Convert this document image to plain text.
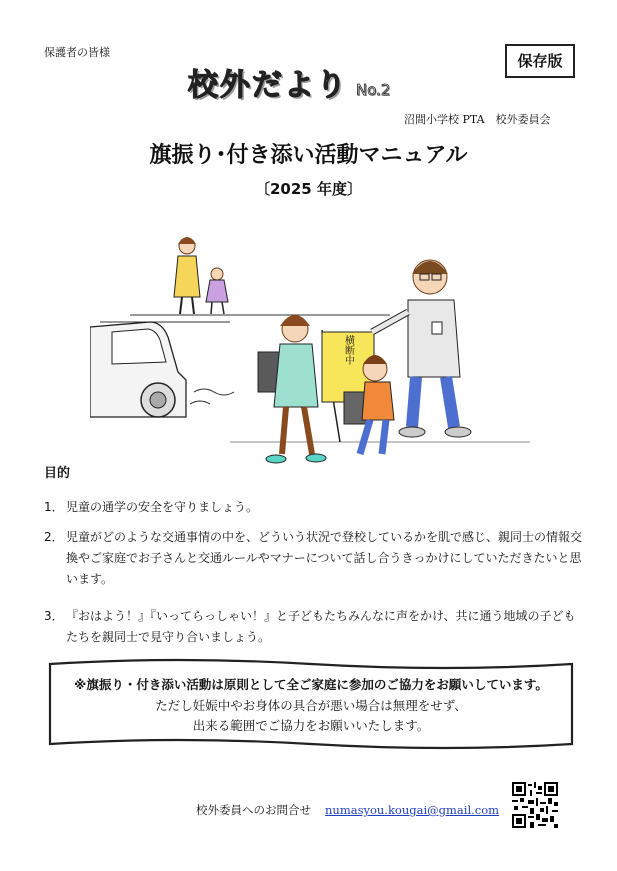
保護者の皆様
校外だより No.2
保存版
沼間小学校 PTA　校外委員会
旗振り･付き添い活動マニュアル
〔2025 年度〕
横断中
目的
1． 児童の通学の安全を守りましょう。
2． 児童がどのような交通事情の中を、どういう状況で登校しているかを肌で感じ、親同士の情報交換やご家庭でお子さんと交通ルールやマナーについて話し合うきっかけにしていただきたいと思います。
3． 『おはよう！』『いってらっしゃい！』と子どもたちみんなに声をかけ、共に通う地域の子どもたちを親同士で見守り合いましょう。
※旗振り・付き添い活動は原則として全ご家庭に参加のご協力をお願いしています。
ただし妊娠中やお身体の具合が悪い場合は無理をせず、
出来る範囲でご協力をお願いいたします。
校外委員へのお問合せ numasyou.kougai@gmail.com
